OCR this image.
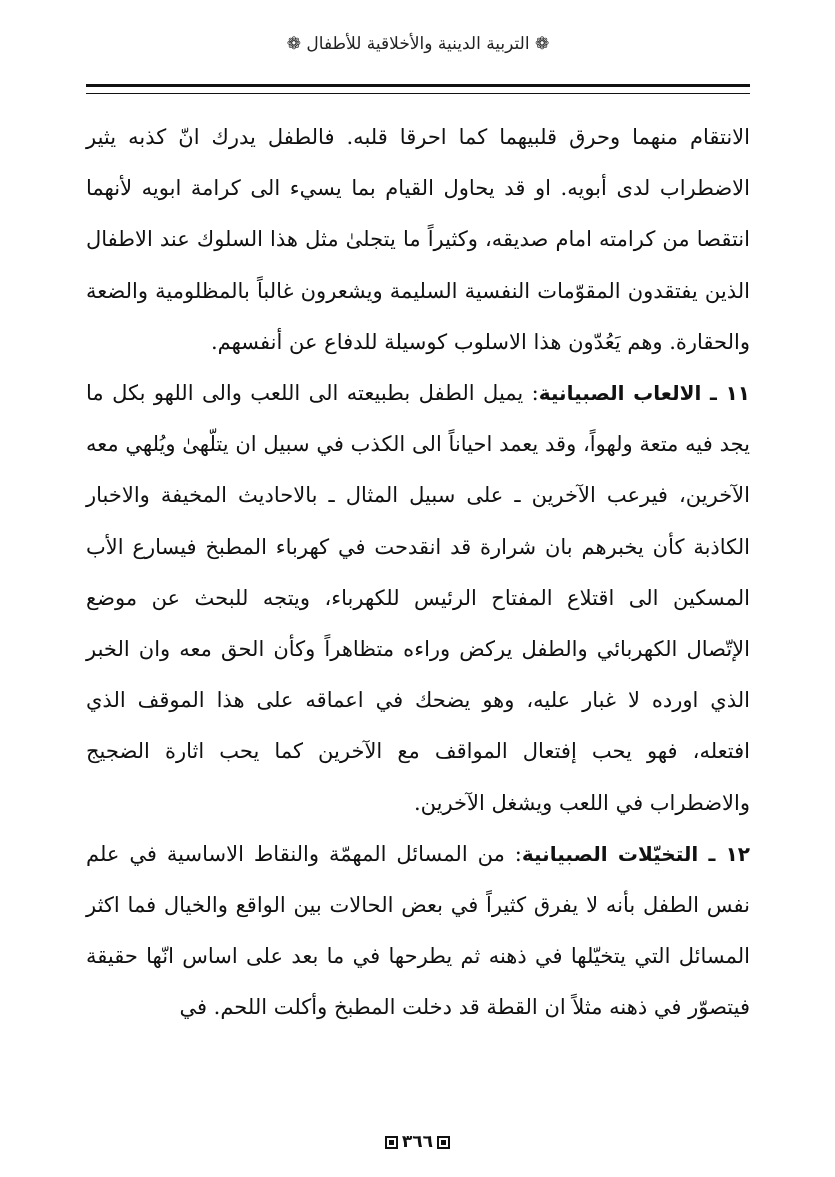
❁ التربية الدينية والأخلاقية للأطفال ❁

الانتقام منهما وحرق قلبيهما كما احرقا قلبه. فالطفل يدرك انّ كذبه يثير الاضطراب لدى أبويه. او قد يحاول القيام بما يسيء الى كرامة ابويه لأنهما انتقصا من كرامته امام صديقه، وكثيراً ما يتجلىٰ مثل هذا السلوك عند الاطفال الذين يفتقدون المقوّمات النفسية السليمة ويشعرون غالباً بالمظلومية والضعة والحقارة. وهم يَعُدّون هذا الاسلوب كوسيلة للدفاع عن أنفسهم.

١١ ـ الالعاب الصبيانية: يميل الطفل بطبيعته الى اللعب والى اللهو بكل ما يجد فيه متعة ولهواً، وقد يعمد احياناً الى الكذب في سبيل ان يتلّهىٰ ويُلهي معه الآخرين، فيرعب الآخرين ـ على سبيل المثال ـ بالاحاديث المخيفة والاخبار الكاذبة كأن يخبرهم بان شرارة قد انقدحت في كهرباء المطبخ فيسارع الأب المسكين الى اقتلاع المفتاح الرئيس للكهرباء، ويتجه للبحث عن موضع الإتّصال الكهربائي والطفل يركض وراءه متظاهراً وكأن الحق معه وان الخبر الذي اورده لا غبار عليه، وهو يضحك في اعماقه على هذا الموقف الذي افتعله، فهو يحب إفتعال المواقف مع الآخرين كما يحب اثارة الضجيج والاضطراب في اللعب ويشغل الآخرين.

١٢ ـ التخيّلات الصبيانية: من المسائل المهمّة والنقاط الاساسية في علم نفس الطفل بأنه لا يفرق كثيراً في بعض الحالات بين الواقع والخيال فما اكثر المسائل التي يتخيّلها في ذهنه ثم يطرحها في ما بعد على اساس انّها حقيقة فيتصوّر في ذهنه مثلاً ان القطة قد دخلت المطبخ وأكلت اللحم. في

٣٦٦
